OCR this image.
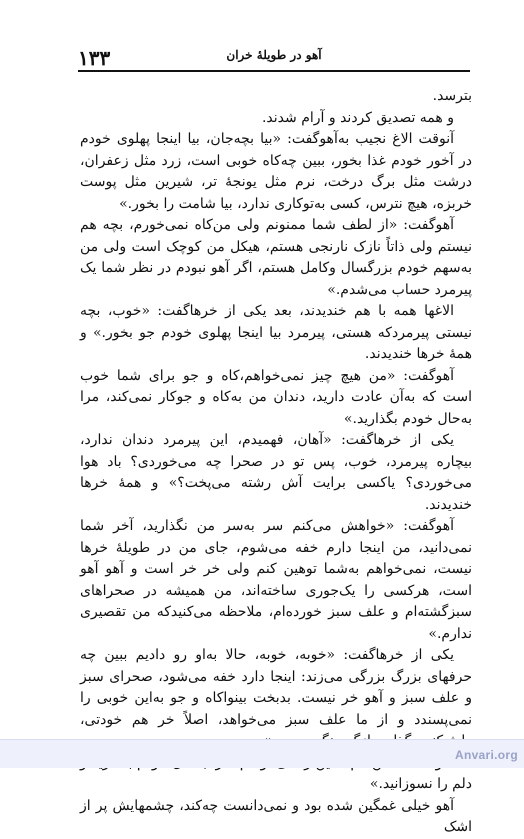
۱۳۳	آهو در طویلهٔ خران

بترسد.

و همه تصدیق کردند و آرام شدند.

آنوقت الاغ نجیب به‌آهوگفت: «بیا بچه‌جان، بیا اینجا پهلوی خودم در آخور خودم غذا بخور، ببین چه‌کاه خوبی است، زرد مثل زعفران، درشت مثل برگ درخت، نرم مثل یونجهٔ تر، شیرین مثل پوست خربزه، هیچ نترس، کسی به‌تو‌کاری ندارد، بیا شامت را بخور.»

آهوگفت: «از لطف شما ممنونم ولی من‌کاه نمی‌خورم، بچه هم نیستم ولی ذاتاً نازک نارنجی هستم، هیکل من کوچک است ولی من به‌سهم خودم بزرگسال و‌کامل هستم، اگر آهو نبودم در نظر شما یک پیرمرد حساب می‌شدم.»

الاغها همه با هم خندیدند، بعد یکی از خرهاگفت: «خوب، بچه نیستی پیرمرد‌که هستی، پیرمرد بیا اینجا پهلوی خودم جو بخور.» و همهٔ خرها خندیدند.

آهوگفت: «من هیچ چیز نمی‌خواهم،‌کاه و جو برای شما خوب است که به‌آن عادت دارید، دندان من به‌کاه و جو‌کار نمی‌کند، مرا به‌حال خودم بگذارید.»

یکی از خرهاگفت: «آهان، فهمیدم، این پیرمرد دندان ندارد، بیچاره پیرمرد، خوب، پس تو در صحرا چه می‌خوردی؟ باد هوا می‌خوردی؟ یا‌کسی برایت آش رشته می‌پخت؟» و همهٔ خرها خندیدند.

آهوگفت: «خواهش می‌کنم سر به‌سر من نگذارید، آخر شما نمی‌دانید، من اینجا دارم خفه می‌شوم، جای من در طویلهٔ خرها نیست، نمی‌خواهم به‌شما توهین کنم ولی خر خر است و آهو آهو است، هرکسی را یک‌جوری ساخته‌اند، من همیشه در صحراهای سبزگشته‌ام و علف سبز خورده‌ام، ملاحظه می‌کنید‌که من تقصیری ندارم.»

یکی از خرهاگفت: «خوبه، خوبه، حالا به‌او رو دادیم ببین چه حرفهای بزرگ بزرگی می‌زند: اینجا دارد خفه می‌شود، صحرای سبز و علف سبز و آهو خر نیست. بدبخت بینوا‌کاه و جو به‌این خوبی را نمی‌پسندد و از ما علف سبز می‌خواهد، اصلاً خر هم خودتی،

دلم را نسوزانید.»

آهو خیلی غمگین شده بود و نمی‌دانست چه‌کند، چشمهایش پر از اشک

Anvari.org
